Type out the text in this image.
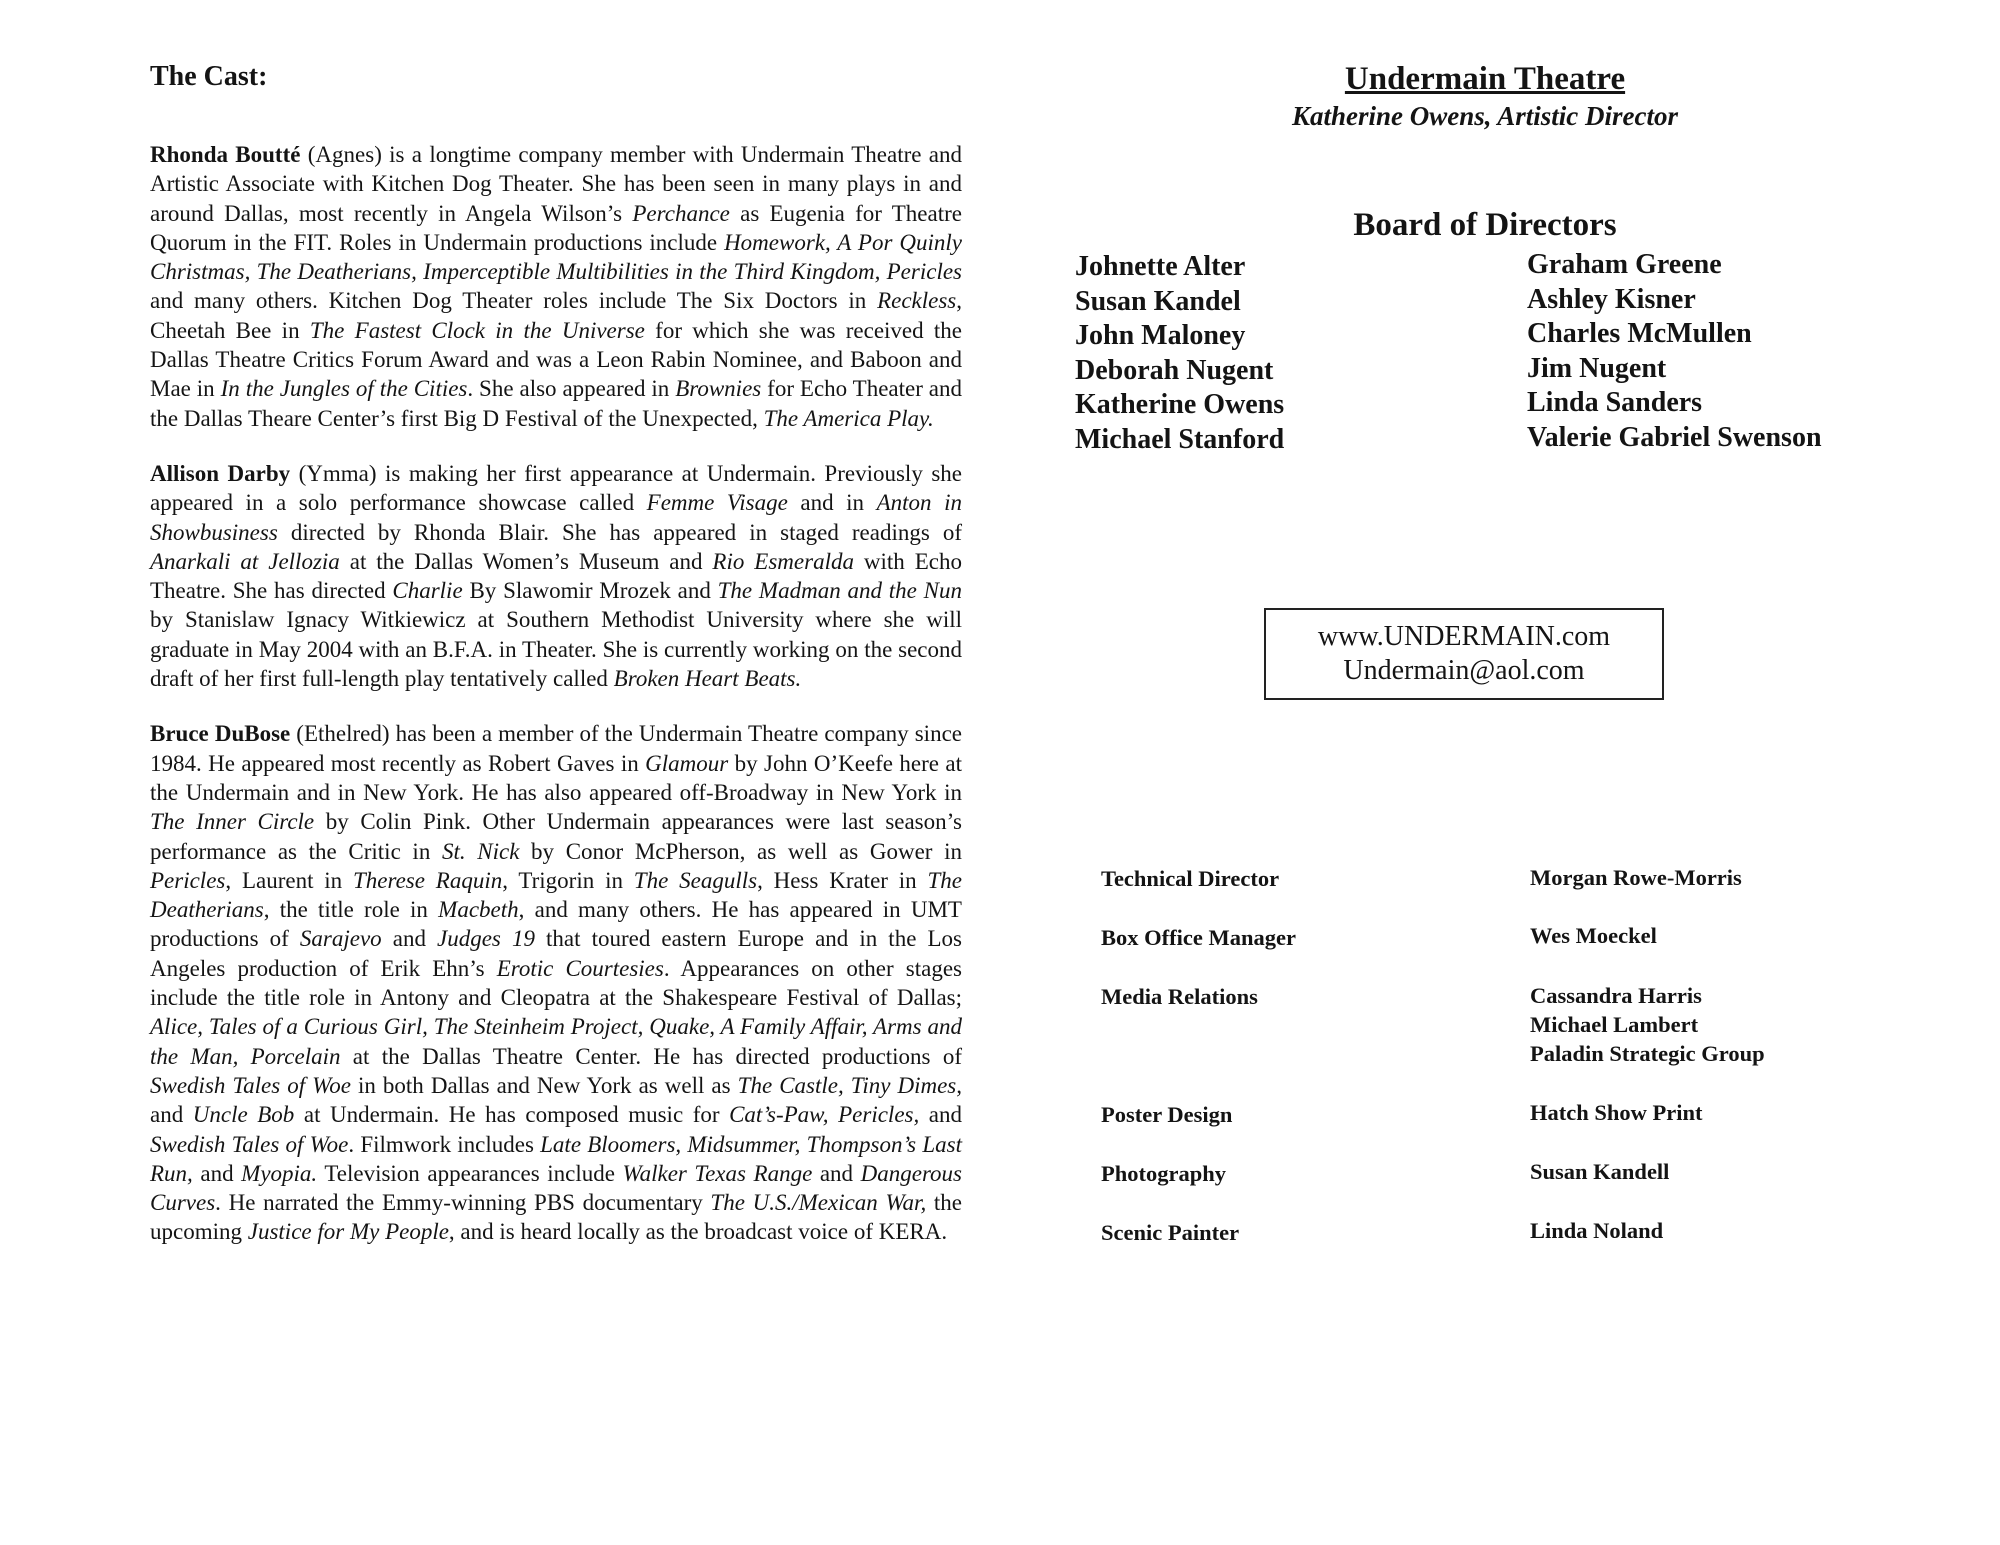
The Cast:

Rhonda Boutté (Agnes) is a longtime company member with Undermain Theatre and Artistic Associate with Kitchen Dog Theater. She has been seen in many plays in and around Dallas, most recently in Angela Wilson’s Perchance as Eugenia for Theatre Quorum in the FIT. Roles in Undermain productions include Homework, A Por Quinly Christmas, The Deatherians, Imperceptible Multibilities in the Third Kingdom, Pericles and many others. Kitchen Dog Theater roles include The Six Doctors in Reckless, Cheetah Bee in The Fastest Clock in the Universe for which she was received the Dallas Theatre Critics Forum Award and was a Leon Rabin Nominee, and Baboon and Mae in In the Jungles of the Cities. She also appeared in Brownies for Echo Theater and the Dallas Theare Center’s first Big D Festival of the Unexpected, The America Play.

Allison Darby (Ymma) is making her first appearance at Undermain. Previously she appeared in a solo performance showcase called Femme Visage and in Anton in Showbusiness directed by Rhonda Blair. She has appeared in staged readings of Anarkali at Jellozia at the Dallas Women’s Museum and Rio Esmeralda with Echo Theatre. She has directed Charlie By Slawomir Mrozek and The Madman and the Nun by Stanislaw Ignacy Witkiewicz at Southern Methodist University where she will graduate in May 2004 with an B.F.A. in Theater. She is currently working on the second draft of her first full-length play tentatively called Broken Heart Beats.

Bruce DuBose (Ethelred) has been a member of the Undermain Theatre company since 1984. He appeared most recently as Robert Gaves in Glamour by John O’Keefe here at the Undermain and in New York. He has also appeared off-Broadway in New York in The Inner Circle by Colin Pink. Other Undermain appearances were last season’s performance as the Critic in St. Nick by Conor McPherson, as well as Gower in Pericles, Laurent in Therese Raquin, Trigorin in The Seagulls, Hess Krater in The Deatherians, the title role in Macbeth, and many others. He has appeared in UMT productions of Sarajevo and Judges 19 that toured eastern Europe and in the Los Angeles production of Erik Ehn’s Erotic Courtesies. Appearances on other stages include the title role in Antony and Cleopatra at the Shakespeare Festival of Dallas; Alice, Tales of a Curious Girl, The Steinheim Project, Quake, A Family Affair, Arms and the Man, Porcelain at the Dallas Theatre Center. He has directed productions of Swedish Tales of Woe in both Dallas and New York as well as The Castle, Tiny Dimes, and Uncle Bob at Undermain. He has composed music for Cat’s-Paw, Pericles, and Swedish Tales of Woe. Filmwork includes Late Bloomers, Midsummer, Thompson’s Last Run, and Myopia. Television appearances include Walker Texas Range and Dangerous Curves. He narrated the Emmy-winning PBS documentary The U.S./Mexican War, the upcoming Justice for My People, and is heard locally as the broadcast voice of KERA.

Undermain Theatre
Katherine Owens, Artistic Director
Board of Directors
Johnette Alter
Susan Kandel
John Maloney
Deborah Nugent
Katherine Owens
Michael Stanford
Graham Greene
Ashley Kisner
Charles McMullen
Jim Nugent
Linda Sanders
Valerie Gabriel Swenson
www.UNDERMAIN.com
Undermain@aol.com
Technical Director	Morgan Rowe-Morris
Box Office Manager	Wes Moeckel
Media Relations	Cassandra Harris
Michael Lambert
Paladin Strategic Group
Poster Design	Hatch Show Print
Photography	Susan Kandell
Scenic Painter	Linda Noland
